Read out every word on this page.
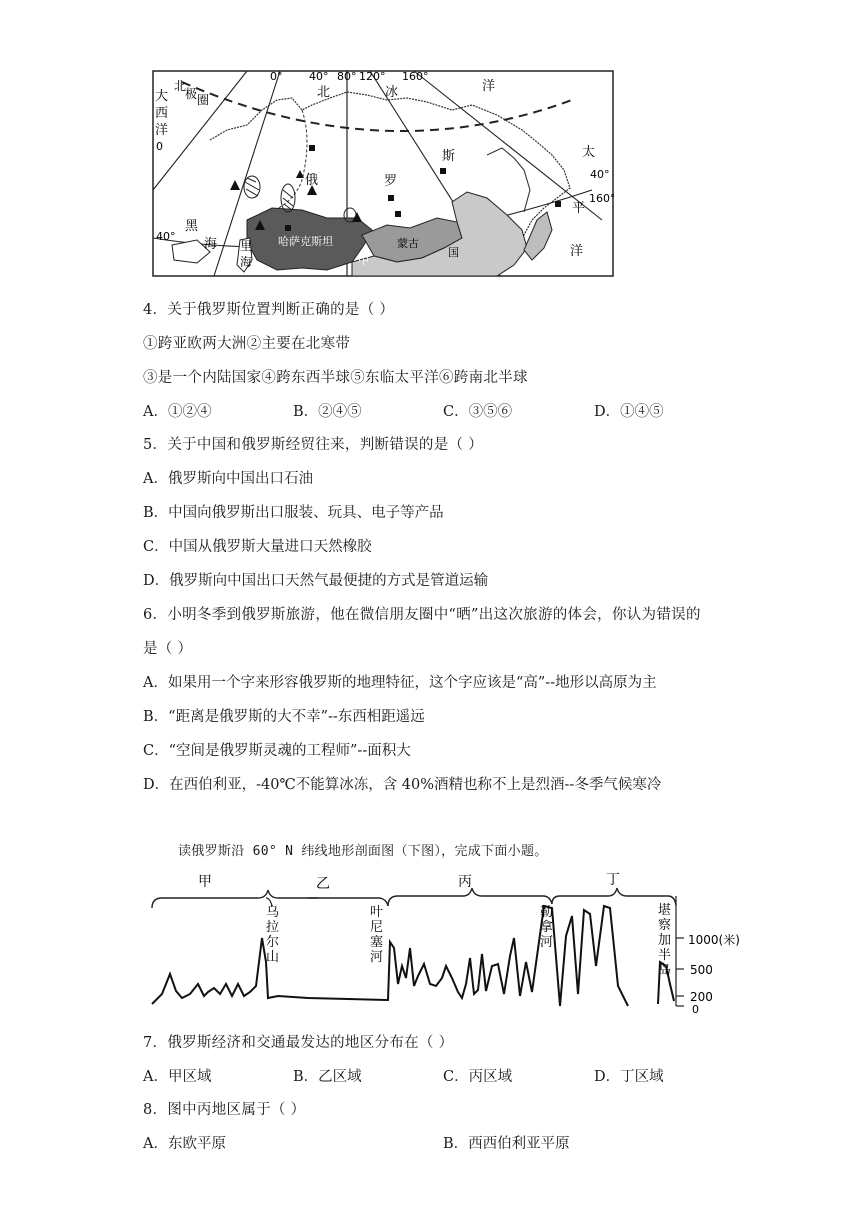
0° 40° 80° 120° 160°
40°
160°
40°
0
北
极 圈
大
西
洋
北	冰	洋
太
平
洋
俄	罗
斯
哈萨克斯坦	蒙古
中
国
黑
海 里
海
4．关于俄罗斯位置判断正确的是（ ）
①跨亚欧两大洲②主要在北寒带
③是一个内陆国家④跨东西半球⑤东临太平洋⑥跨南北半球
A．①②④	B．②④⑤	C．③⑤⑥	D．①④⑤
5．关于中国和俄罗斯经贸往来，判断错误的是（ ）
A．俄罗斯向中国出口石油
B．中国向俄罗斯出口服装、玩具、电子等产品
C．中国从俄罗斯大量进口天然橡胶
D．俄罗斯向中国出口天然气最便捷的方式是管道运输
6．小明冬季到俄罗斯旅游，他在微信朋友圈中“晒”出这次旅游的体会，你认为错误的
是（ ）
A．如果用一个字来形容俄罗斯的地理特征，这个字应该是“高”--地形以高原为主
B．“距离是俄罗斯的大不幸”--东西相距遥远
C．“空间是俄罗斯灵魂的工程师”--面积大
D．在西伯利亚，-40℃不能算冰冻，含 40%酒精也称不上是烈酒--冬季气候寒冷
读俄罗斯沿 60° N 纬线地形剖面图（下图），完成下面小题。
甲	乙	丙	丁
1000(米)
500
200
0
乌
拉
尔
山
叶
尼
塞
河
勒
拿
河
堪
察
加
半
岛
7．俄罗斯经济和交通最发达的地区分布在（ ）
A．甲区域	B．乙区域	C．丙区域	D．丁区域
8．图中丙地区属于（ ）
A．东欧平原	B．西西伯利亚平原
